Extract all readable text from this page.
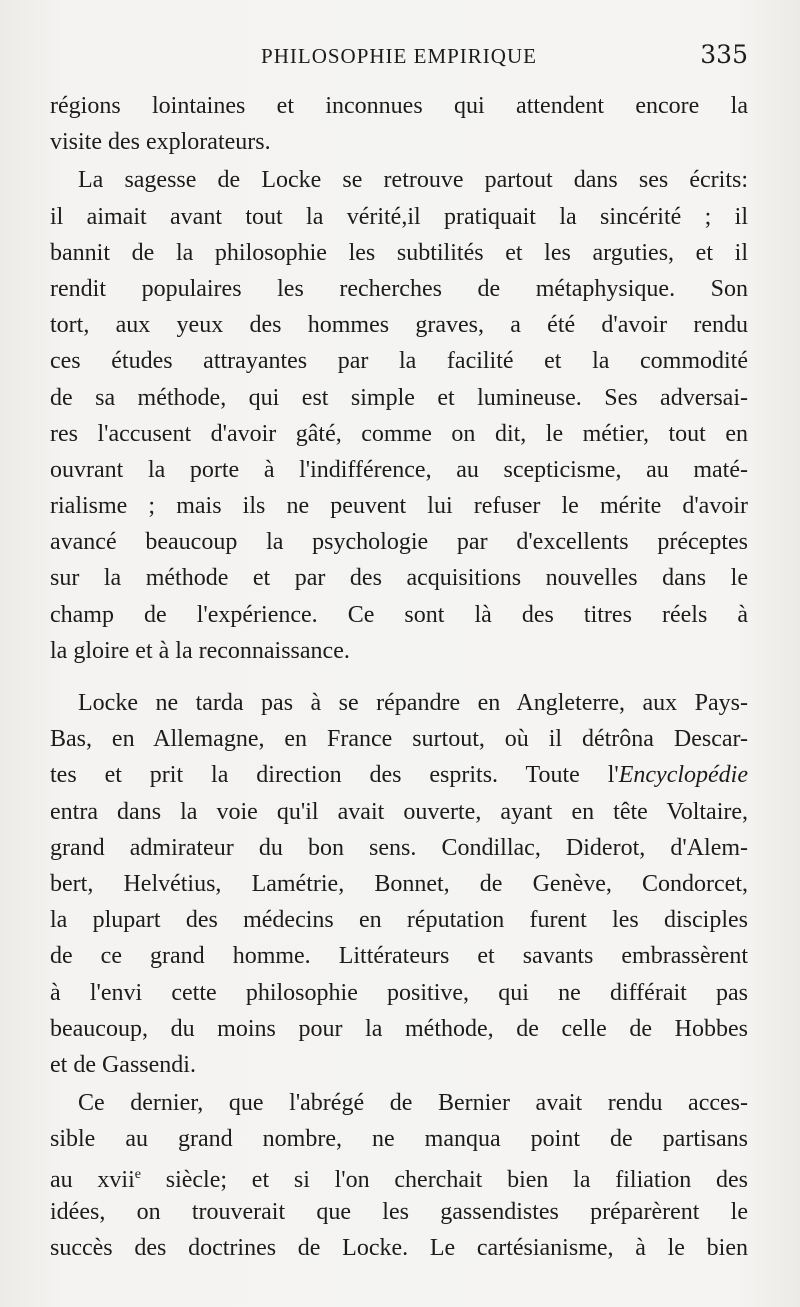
PHILOSOPHIE EMPIRIQUE	335
régions lointaines et inconnues qui attendent encore la
visite des explorateurs.
La sagesse de Locke se retrouve partout dans ses écrits:
il aimait avant tout la vérité,il pratiquait la sincérité ; il
bannit de la philosophie les subtilités et les arguties, et il
rendit populaires les recherches de métaphysique. Son
tort, aux yeux des hommes graves, a été d'avoir rendu
ces études attrayantes par la facilité et la commodité
de sa méthode, qui est simple et lumineuse. Ses adversai-
res l'accusent d'avoir gâté, comme on dit, le métier, tout en
ouvrant la porte à l'indifférence, au scepticisme, au maté-
rialisme ; mais ils ne peuvent lui refuser le mérite d'avoir
avancé beaucoup la psychologie par d'excellents préceptes
sur la méthode et par des acquisitions nouvelles dans le
champ de l'expérience. Ce sont là des titres réels à
la gloire et à la reconnaissance.
Locke ne tarda pas à se répandre en Angleterre, aux Pays-
Bas, en Allemagne, en France surtout, où il détrôna Descar-
tes et prit la direction des esprits. Toute l'Encyclopédie
entra dans la voie qu'il avait ouverte, ayant en tête Voltaire,
grand admirateur du bon sens. Condillac, Diderot, d'Alem-
bert, Helvétius, Lamétrie, Bonnet, de Genève, Condorcet,
la plupart des médecins en réputation furent les disciples
de ce grand homme. Littérateurs et savants embrassèrent
à l'envi cette philosophie positive, qui ne différait pas
beaucoup, du moins pour la méthode, de celle de Hobbes
et de Gassendi.
Ce dernier, que l'abrégé de Bernier avait rendu acces-
sible au grand nombre, ne manqua point de partisans
au xvii$^e$ siècle; et si l'on cherchait bien la filiation des
idées, on trouverait que les gassendistes préparèrent le
succès des doctrines de Locke. Le cartésianisme, à le bien
